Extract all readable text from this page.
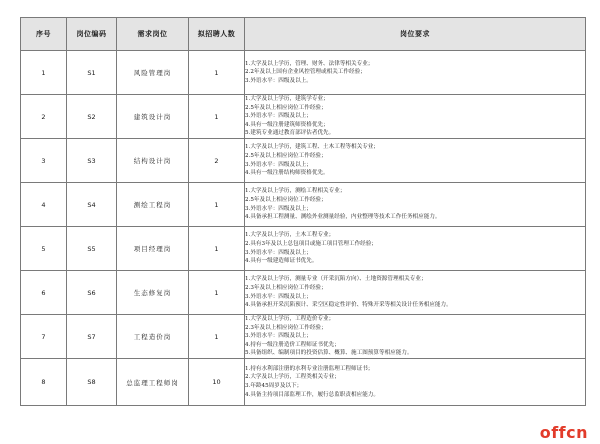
序号	岗位编码	需求岗位	拟招聘人数	岗位要求
1	S1	风险管理岗	1	1.大学及以上学历，管理、财务、法律等相关专业；
2.2年及以上国有企业风控管理或相关工作经验；
3.外语水平：四级及以上。

2	S2	建筑设计岗	1	1.大学及以上学历，建筑学专业；
2.5年及以上相应岗位工作经验；
3.外语水平：四级及以上；
4.具有一级注册建筑师资格优先；
5.建筑专业通过教育部评估者优先。

3	S3	结构设计岗	2	1.大学及以上学历，建筑工程、土木工程等相关专业；
2.5年及以上相应岗位工作经验；
3.外语水平：四级及以上；
4.具有一级注册结构师资格优先。

4	S4	测绘工程岗	1	1.大学及以上学历，测绘工程相关专业；
2.5年及以上相应岗位工作经验；
3.外语水平：四级及以上；
4.具备承担工程测量、测绘外业测量经验，内业整理等技术工作任务相应能力。

5	S5	项目经理岗	1	1.大学及以上学历，土木工程专业；
2.具有3年及以上总包项目或施工项目管理工作经验；
3.外语水平：四级及以上；
4.具有一级建造师证书优先。

6	S6	生态修复岗	1	1.大学及以上学历，测量专业（开采沉陷方向）、土地资源管理相关专业；
2.3年及以上相应岗位工作经验；
3.外语水平：四级及以上；
4.具备承担开采沉陷预计、采空区稳定性评价、特殊开采等相关设计任务相应能力。

7	S7	工程造价岗	1	1.大学及以上学历，工程造价专业；
2.3年及以上相应岗位工作经验；
3.外语水平：四级及以上；
4.持有一级注册造价工程师证书优先；
5.具备组织、编制项目的投资估算、概算、施工图预算等相应能力。

8	S8	总监理工程师岗	10	1.持有水利部注册的水利专业注册监理工程师证书；
2.大学及以上学历，工程类相关专业；
3.年龄45周岁及以下；
4.具备主持项目部监理工作，履行总监职责相应能力。
offcn
